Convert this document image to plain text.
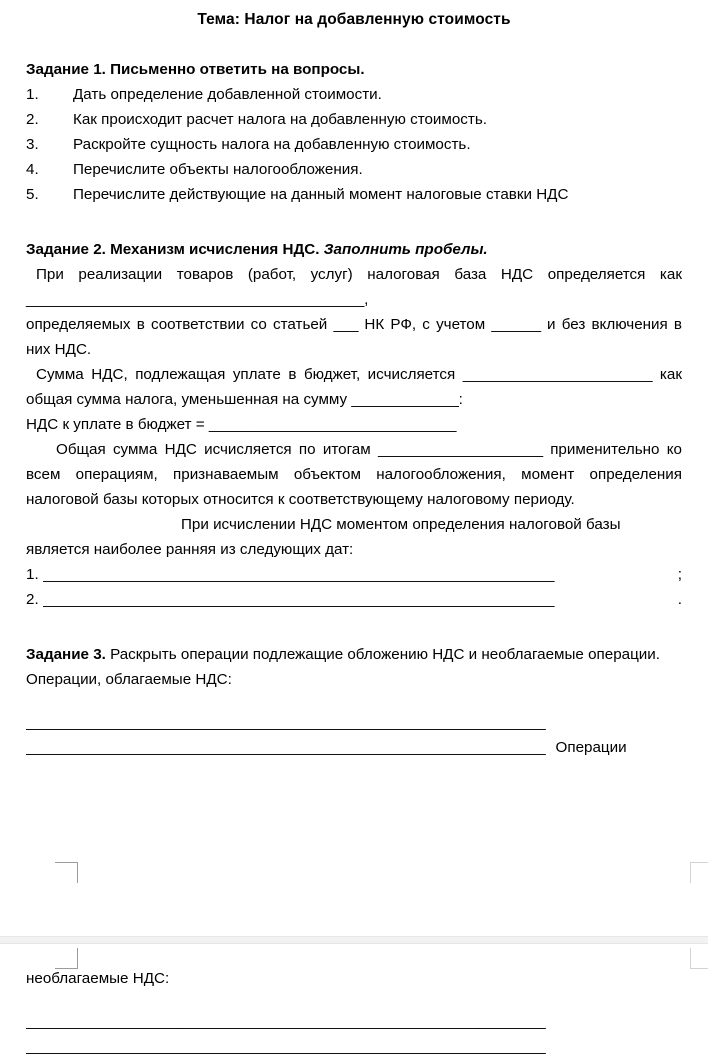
Тема: Налог на добавленную стоимость

Задание 1. Письменно ответить на вопросы.

1.	Дать определение добавленной стоимости.
2.	Как происходит расчет налога на добавленную стоимость.
3.	Раскройте сущность налога на добавленную стоимость.
4.	Перечислите объекты налогообложения.
5.	Перечислите действующие на данный момент налоговые ставки НДС

Задание 2. Механизм исчисления НДС. Заполнить пробелы.

При реализации товаров (работ, услуг) налоговая база НДС определяется как _________________________________________,

определяемых в соответствии со статьей ___ НК РФ, с учетом ______ и без включения в них НДС.

Сумма НДС, подлежащая уплате в бюджет, исчисляется _______________________ как общая сумма налога, уменьшенная на сумму _____________:

НДС к уплате в бюджет = ______________________________

Общая сумма НДС исчисляется по итогам ____________________ применительно ко всем операциям, признаваемым объектом налогообложения, момент определения налоговой базы которых относится к соответствующему налоговому периоду.

При исчислении НДС моментом определения налоговой базы является наиболее ранняя из следующих дат:

1. ______________________________________________________________	;
2. ______________________________________________________________	.

Задание 3. Раскрыть операции подлежащие обложению НДС и необлагаемые операции.

Операции, облагаемые НДС:

_______________________________________________________________
_______________________________________________________________ Операции

необлагаемые НДС:

_______________________________________________________________
_______________________________________________________________
